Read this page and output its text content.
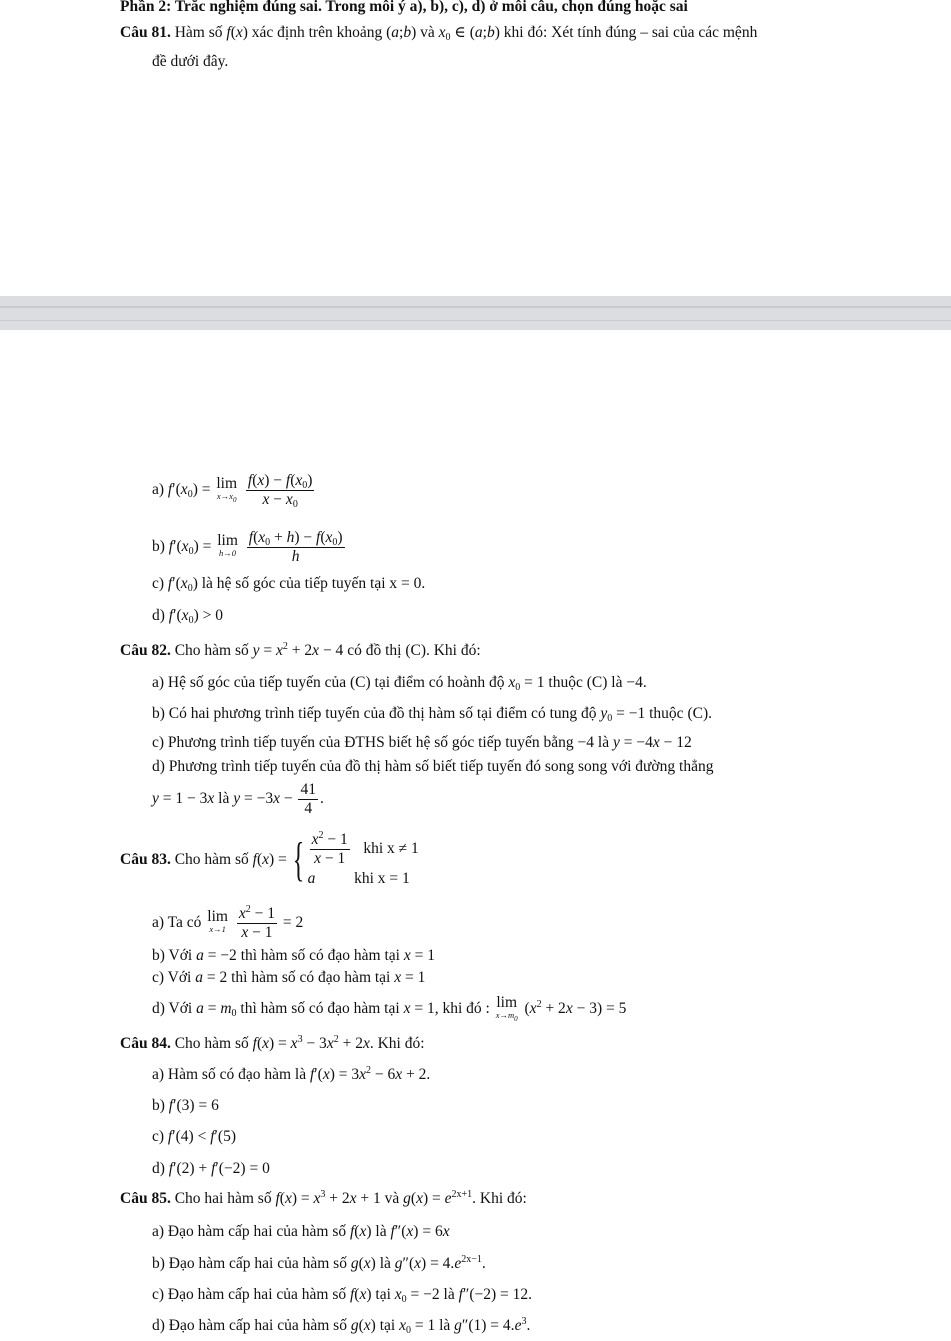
Phần 2: Trăc nghiệm đúng sai. Trong môi ý a), b), c), d) ở môi câu, chọn đúng hoặc sai
Câu 81. Hàm số f(x) xác định trên khoảng (a;b) và $x_0$ ∈ (a;b) khi đó: Xét tính đúng – sai của các mệnh
đề dưới đây.
a) $f'(x_0) = \lim$
$x\to x_0$
$\frac{f(x) - f(x_0)}{x - x_0}$
b) $f'(x_0) = \lim$
h→0
$\frac{f(x_0 + h) - f(x_0)}{h}$
c) $f'(x_0)$ là hệ số góc của tiếp tuyến tại x = 0.
d) $f'(x_0) > 0$
Câu 82. Cho hàm số $y = x^2 + 2x - 4$ có đồ thị (C). Khi đó:
a) Hệ số góc của tiếp tuyến của (C) tại điểm có hoành độ $x_0 = 1$ thuộc (C) là −4.
b) Có hai phương trình tiếp tuyến của đồ thị hàm số tại điểm có tung độ $y_0 = -1$ thuộc (C).
c) Phương trình tiếp tuyến của ĐTHS biết hệ số góc tiếp tuyến bằng −4 là y = −4x − 12
d) Phương trình tiếp tuyến của đồ thị hàm số biết tiếp tuyến đó song song với đường thẳng
y = 1 − 3x là $y = -3x - \frac{41}{4}$ .
Câu 83. Cho hàm số f(x) = { $\frac{x^2 - 1}{x - 1}$ khi x ≠ 1
a	khi x = 1
a) Ta có lim
x→1
$\frac{x^2 - 1}{x - 1} = 2$
b) Với a = −2 thì hàm số có đạo hàm tại x = 1
c) Với a = 2 thì hàm số có đạo hàm tại x = 1
d) Với $a = m_0$ thì hàm số có đạo hàm tại x = 1, khi đó : lim
$x\to m_0$
$(x^2 + 2x - 3) = 5$
Câu 84. Cho hàm số $f(x) = x^3 - 3x^2 + 2x$. Khi đó:
a) Hàm số có đạo hàm là $f'(x) = 3x^2 - 6x + 2$.
b) f′(3) = 6
c) f′(4) < f′(5)
d) f′(2) + f′(−2) = 0
Câu 85. Cho hai hàm số $f(x) = x^3 + 2x + 1$ và $g(x) = e^{2x+1}$. Khi đó:
a) Đạo hàm cấp hai của hàm số f(x) là f″(x) = 6x
b) Đạo hàm cấp hai của hàm số g(x) là $g''(x) = 4.e^{2x-1}$.
c) Đạo hàm cấp hai của hàm số f(x) tại $x_0 = -2$ là f″(−2) = 12.
d) Đạo hàm cấp hai của hàm số g(x) tại $x_0 = 1$ là $g''(1) = 4.e^3$.
